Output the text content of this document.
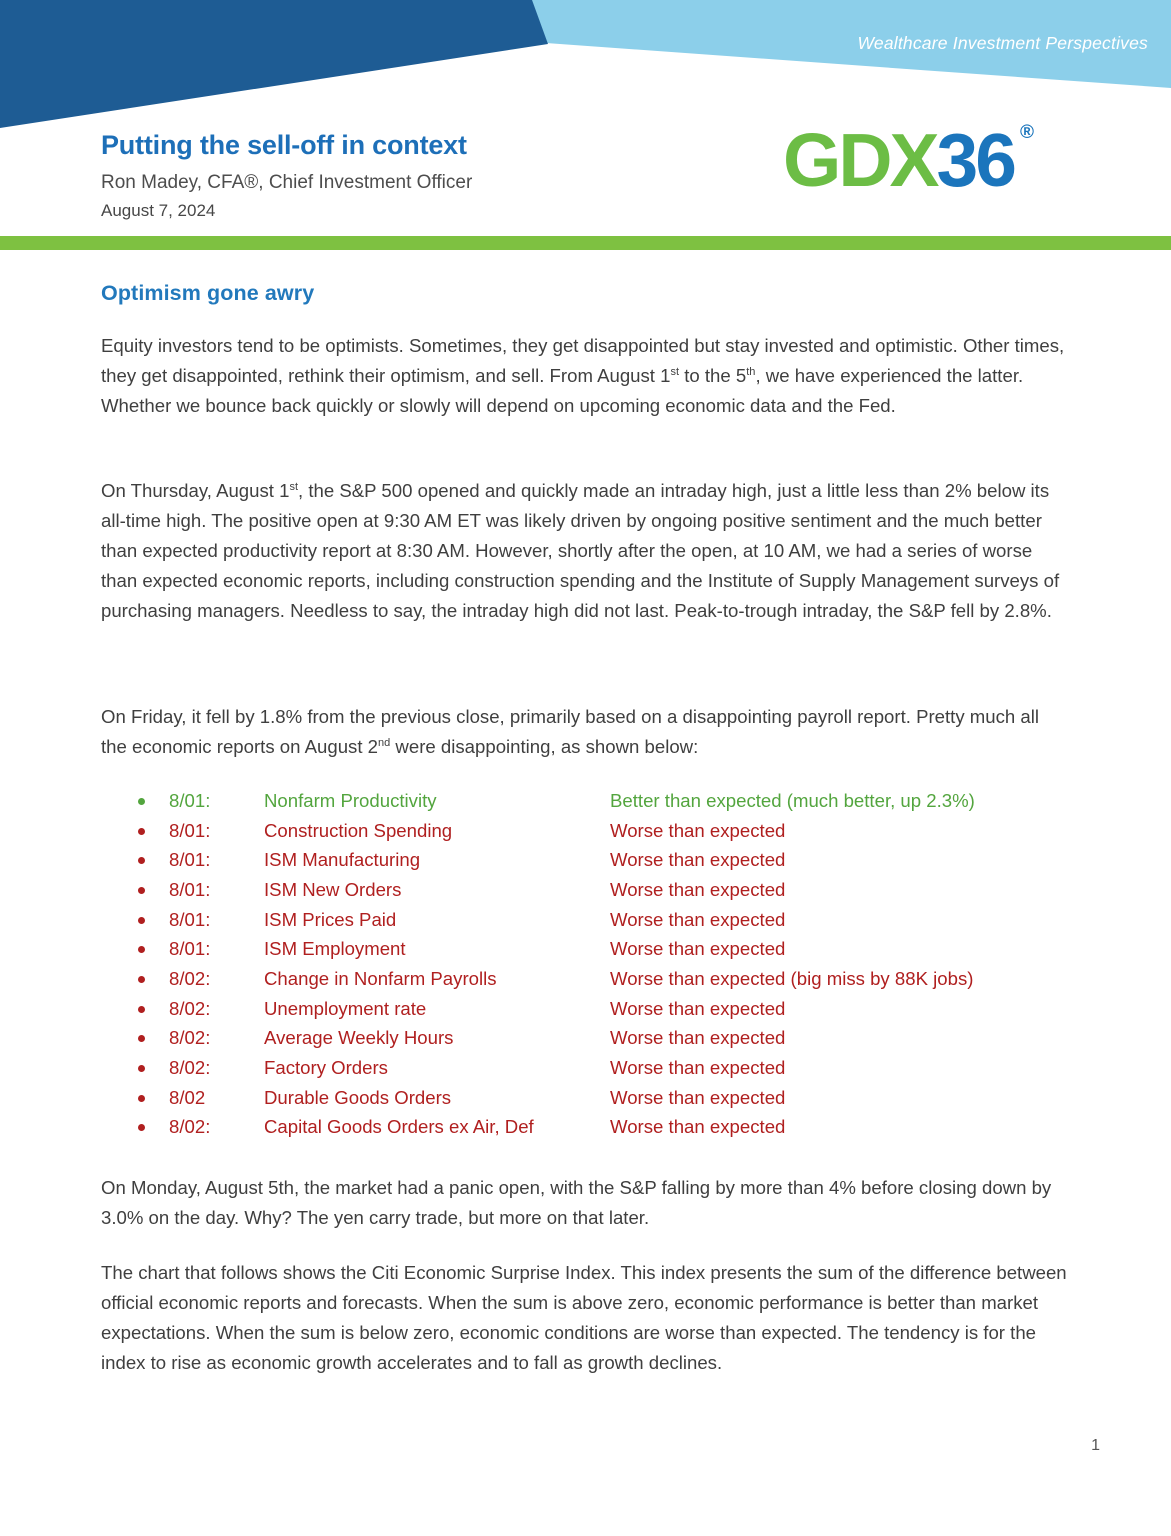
Wealthcare Investment Perspectives
Putting the sell-off in context
Ron Madey, CFA®, Chief Investment Officer
August 7, 2024
GDX 36 ®
Optimism gone awry

Equity investors tend to be optimists. Sometimes, they get disappointed but stay invested and optimistic. Other times, they get disappointed, rethink their optimism, and sell. From August 1st to the 5th, we have experienced the latter. Whether we bounce back quickly or slowly will depend on upcoming economic data and the Fed.

On Thursday, August 1st, the S&P 500 opened and quickly made an intraday high, just a little less than 2% below its all-time high. The positive open at 9:30 AM ET was likely driven by ongoing positive sentiment and the much better than expected productivity report at 8:30 AM. However, shortly after the open, at 10 AM, we had a series of worse than expected economic reports, including construction spending and the Institute of Supply Management surveys of purchasing managers. Needless to say, the intraday high did not last. Peak-to-trough intraday, the S&P fell by 2.8%.

On Friday, it fell by 1.8% from the previous close, primarily based on a disappointing payroll report. Pretty much all the economic reports on August 2nd were disappointing, as shown below:

8/01:	Nonfarm Productivity	Better than expected (much better, up 2.3%)
8/01:	Construction Spending	Worse than expected
8/01:	ISM Manufacturing	Worse than expected
8/01:	ISM New Orders	Worse than expected
8/01:	ISM Prices Paid	Worse than expected
8/01:	ISM Employment	Worse than expected
8/02:	Change in Nonfarm Payrolls	Worse than expected (big miss by 88K jobs)
8/02:	Unemployment rate	Worse than expected
8/02:	Average Weekly Hours	Worse than expected
8/02:	Factory Orders	Worse than expected
8/02	Durable Goods Orders	Worse than expected
8/02:	Capital Goods Orders ex Air, Def	Worse than expected

On Monday, August 5th, the market had a panic open, with the S&P falling by more than 4% before closing down by 3.0% on the day. Why? The yen carry trade, but more on that later.

The chart that follows shows the Citi Economic Surprise Index. This index presents the sum of the difference between official economic reports and forecasts. When the sum is above zero, economic performance is better than market expectations. When the sum is below zero, economic conditions are worse than expected. The tendency is for the index to rise as economic growth accelerates and to fall as growth declines.

1
